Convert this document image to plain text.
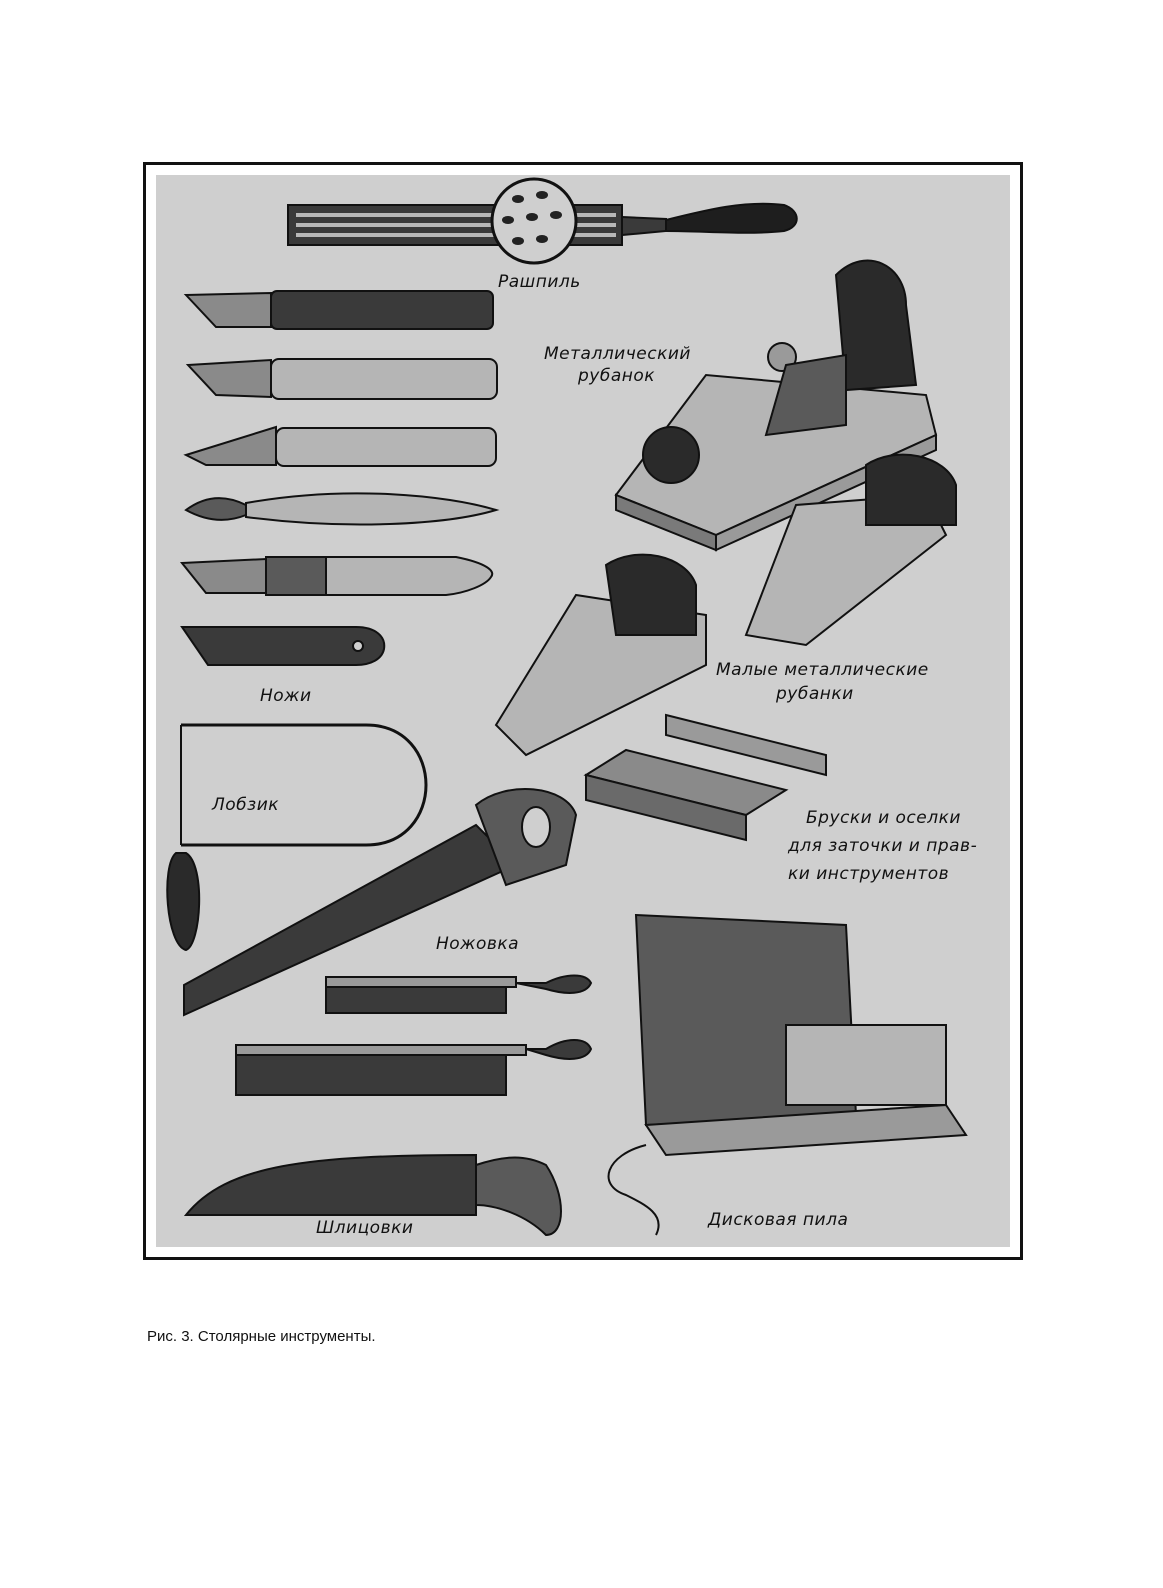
Рашпиль
Металлический
рубанок
Малые металлические
рубанки
Ножи
Лобзик
Бруски и оселки
для заточки и прав-
ки инструментов
Ножовка
Шлицовки	Дисковая пила
Рис. 3. Столярные инструменты.
